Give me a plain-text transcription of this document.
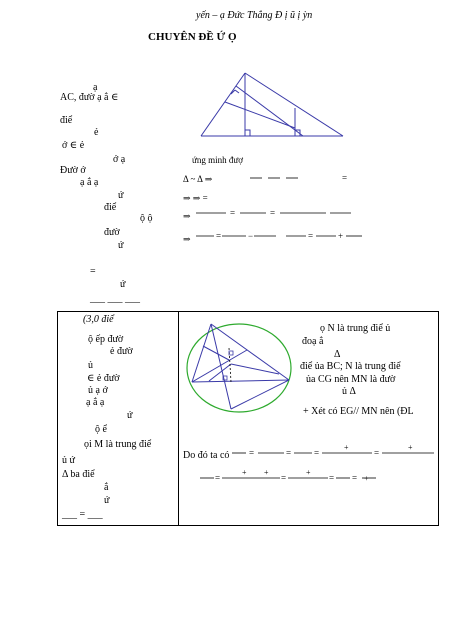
yến – ạ Đức Thắng Đ ị ũ ị ỳn
CHUYÊN ĐỀ Ứ Ọ
ạ
AC, đườ ạ ẳ ∈
điể
ẻ
ớ ∈ ẻ
ớ ạ
Đườ ớ
ạ ắ ạ
ứ
điể
ộ ộ
đườ
ứ
=
ứ
___ ___ ___
ứng minh đượ
Δ ~ Δ ⇒	=
⇒ ⇒ =
⇒	=	=
⇒	=	−	=	+
(3,0 điể
ộ ếp đườ
ẻ đườ
ủ
∈ ẻ đườ
ủ ạ ớ
ạ ắ ạ
ứ
ộ ể
ọi M là trung điể
ủ ứ
Δ ba điể
ắ
ứ
___ = ___
ọ N là trung điể ủ
đoạ ẳ
Δ
điể ủa BC; N là trung điể
ủa CG nên MN là đườ
ủ Δ
+ Xét có EG// MN nên (ĐL
Do đó ta có =	=	=	=
+	+
=	=	= =
+ +	+
+
